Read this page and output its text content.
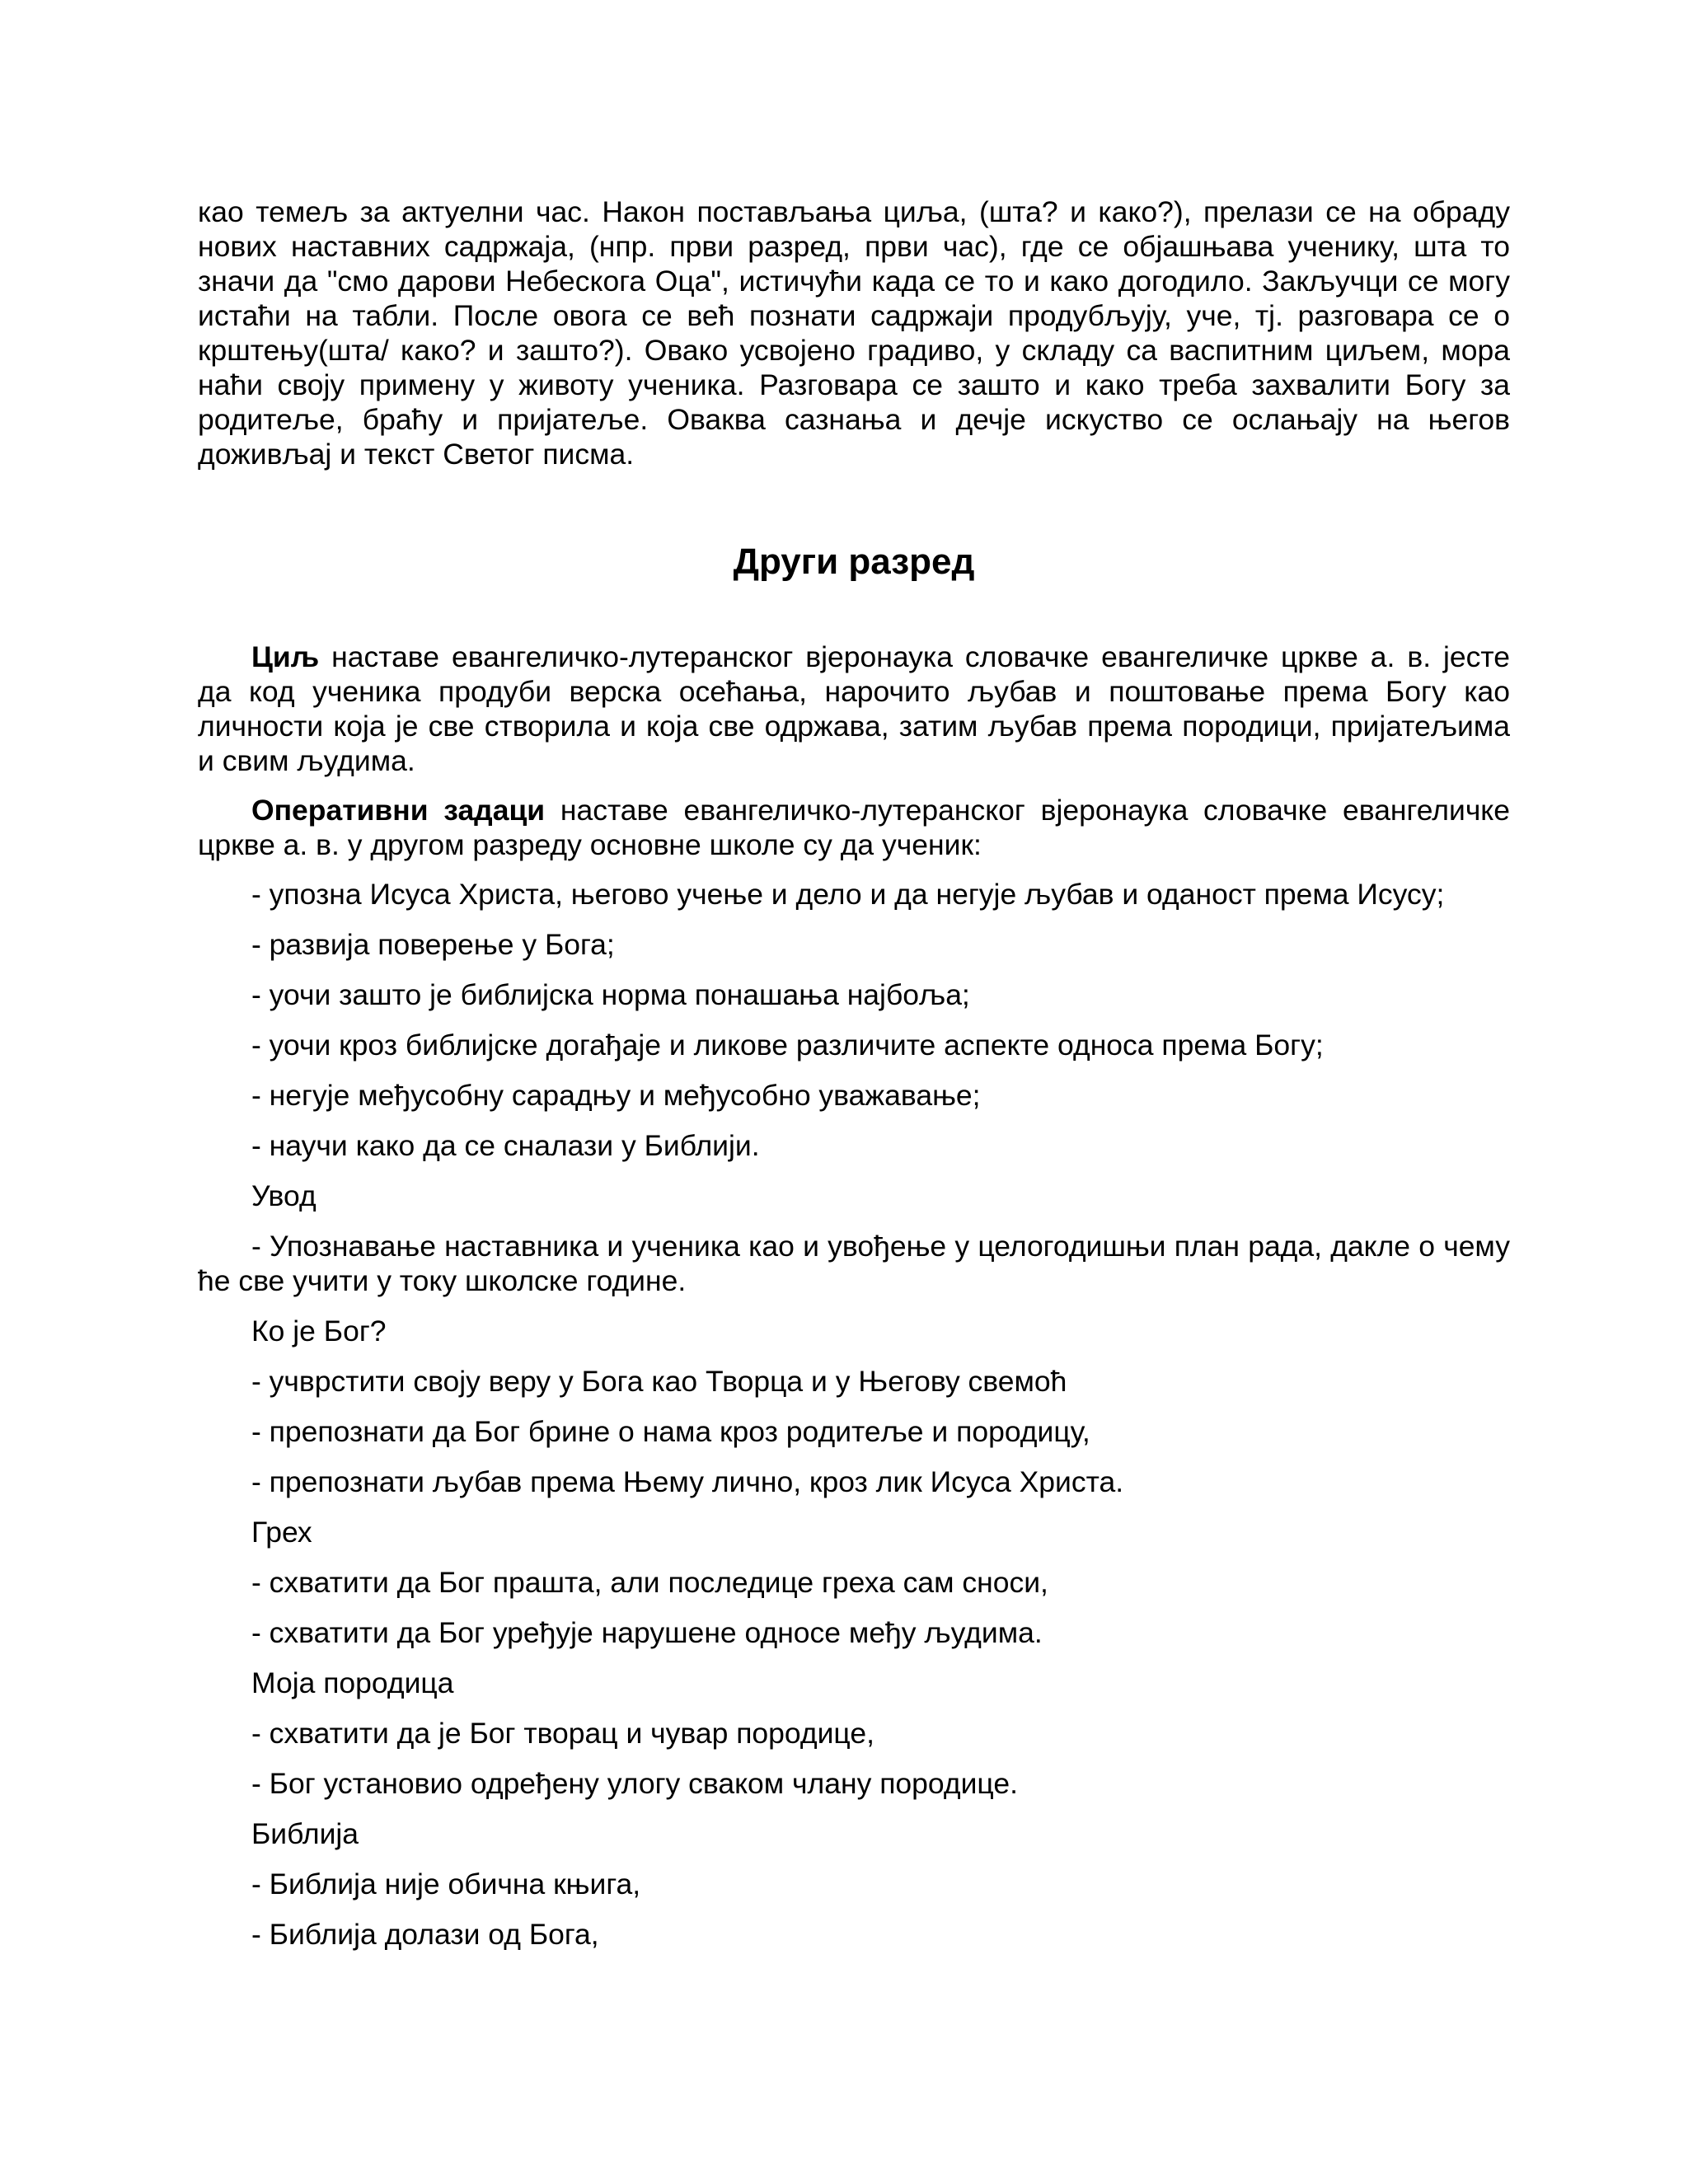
као темељ за актуелни час. Након постављања циља, (шта? и како?), прелази се на обраду нових наставних садржаја, (нпр. први разред, први час), где се објашњава ученику, шта то значи да "смо дарови Небескога Оца", истичући када се то и како догодило. Закључци се могу истаћи на табли. После овога се већ познати садржаји продубљују, уче, тј. разговара се о крштењу(шта/ како? и зашто?). Овако усвојено градиво, у складу са васпитним циљем, мора наћи своју примену у животу ученика. Разговара се зашто и како треба захвалити Богу за родитеље, браћу и пријатеље. Оваква сазнања и дечје искуство се ослањају на његов доживљај и текст Светог писма.

Други разред

Циљ наставе евангеличко-лутеранског вјеронаука словачке евангеличке цркве а. в. јесте да код ученика продуби верска осећања, нарочито љубав и поштовање према Богу као личности која је све створила и која све одржава, затим љубав према породици, пријатељима и свим људима.

Оперативни задаци наставе евангеличко-лутеранског вјеронаука словачке евангеличке цркве а. в. у другом разреду основне школе су да ученик:

- упозна Исуса Христа, његово учење и дело и да негује љубав и оданост према Исусу;

- развија поверење у Бога;

- уочи зашто је библијска норма понашања најбоља;

- уочи кроз библијске догађаје и ликове различите аспекте односа према Богу;

- негује међусобну сарадњу и међусобно уважавање;

- научи како да се сналази у Библији.

Увод

- Упознавање наставника и ученика као и увођење у целогодишњи план рада, дакле о чему ће све учити у току школске године.

Ко је Бог?

- учврстити своју веру у Бога као Творца и у Његову свемоћ

- препознати да Бог брине о нама кроз родитеље и породицу,

- препознати љубав према Њему лично, кроз лик Исуса Христа.

Грех

- схватити да Бог прашта, али последице греха сам сноси,

- схватити да Бог уређује нарушене односе међу људима.

Моја породица

- схватити да је Бог творац и чувар породице,

- Бог установио одређену улогу сваком члану породице.

Библија

- Библија није обична књига,

- Библија долази од Бога,
